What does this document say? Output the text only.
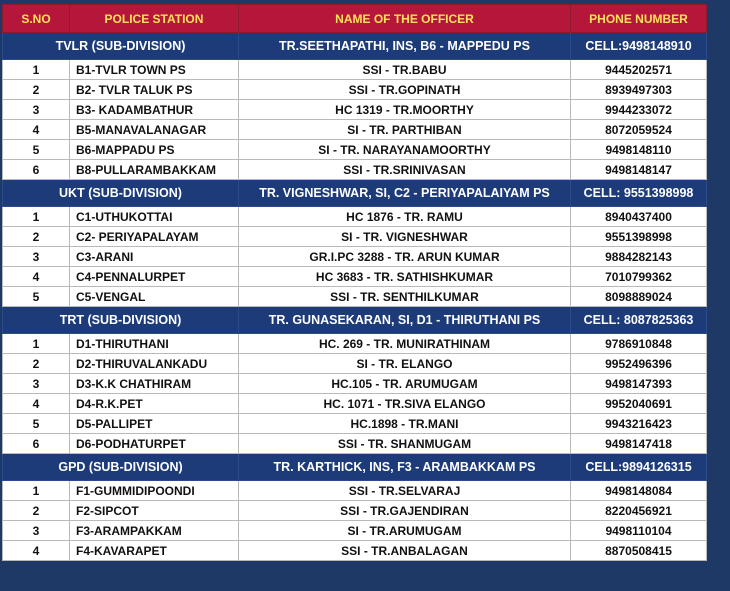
S.NO	POLICE STATION	NAME OF THE OFFICER	PHONE NUMBER
TVLR (SUB-DIVISION)		TR.SEETHAPATHI, INS, B6 - MAPPEDU PS	CELL:9498148910
1	B1-TVLR TOWN PS	SSI - TR.BABU	9445202571
2	B2- TVLR TALUK PS	SSI - TR.GOPINATH	8939497303
3	B3- KADAMBATHUR	HC 1319 - TR.MOORTHY	9944233072
4	B5-MANAVALANAGAR	SI - TR. PARTHIBAN	8072059524
5	B6-MAPPADU PS	SI - TR. NARAYANAMOORTHY	9498148110
6	B8-PULLARAMBAKKAM	SSI - TR.SRINIVASAN	9498148147
UKT (SUB-DIVISION)		TR. VIGNESHWAR, SI, C2 - PERIYAPALAIYAM PS	CELL: 9551398998
1	C1-UTHUKOTTAI	HC 1876 - TR. RAMU	8940437400
2	C2- PERIYAPALAYAM	SI - TR. VIGNESHWAR	9551398998
3	C3-ARANI	GR.I.PC 3288 - TR. ARUN KUMAR	9884282143
4	C4-PENNALURPET	HC 3683 - TR. SATHISHKUMAR	7010799362
5	C5-VENGAL	SSI - TR. SENTHILKUMAR	8098889024
TRT (SUB-DIVISION)		TR. GUNASEKARAN, SI, D1 - THIRUTHANI PS	CELL: 8087825363
1	D1-THIRUTHANI	HC. 269 - TR. MUNIRATHINAM	9786910848
2	D2-THIRUVALANKADU	SI - TR. ELANGO	9952496396
3	D3-K.K CHATHIRAM	HC.105 - TR. ARUMUGAM	9498147393
4	D4-R.K.PET	HC. 1071 - TR.SIVA ELANGO	9952040691
5	D5-PALLIPET	HC.1898 - TR.MANI	9943216423
6	D6-PODHATURPET	SSI - TR. SHANMUGAM	9498147418
GPD (SUB-DIVISION)		TR. KARTHICK, INS, F3 - ARAMBAKKAM PS	CELL:9894126315
1	F1-GUMMIDIPOONDI	SSI - TR.SELVARAJ	9498148084
2	F2-SIPCOT	SSI - TR.GAJENDIRAN	8220456921
3	F3-ARAMPAKKAM	SI - TR.ARUMUGAM	9498110104
4	F4-KAVARAPET	SSI - TR.ANBALAGAN	8870508415
